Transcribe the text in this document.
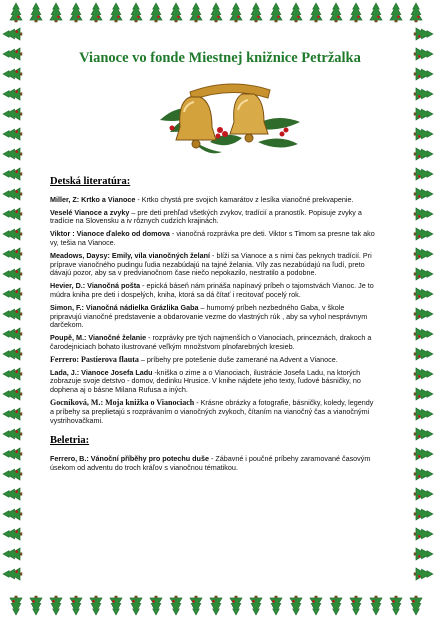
Vianoce vo fonde Miestnej knižnice Petržalka
Detská literatúra:
Miller, Z: Krtko a Vianoce - Krtko chystá pre svojich kamarátov z lesíka vianočné prekvapenie.
Veselé Vianoce a zvyky – pre deti prehľad všetkých zvykov, tradícií a pranostík. Popisuje zvyky a tradície na Slovensku a iv rôznych cudzích krajinách.
Viktor : Vianoce ďaleko od domova - vianočná rozprávka pre deti. Viktor s Timom sa presne tak ako vy, tešia na Vianoce.
Meadows, Daysy: Emily, víla vianočných želaní - blíži sa Vianoce a s nimi čas peknych tradícií. Pri príprave vianočného pudingu ľudia nezabúdajú na tajné želania. Víly zas nezabúdajú na ľudí, preto dávajú pozor, aby sa v predvianočnom čase niečo nepokazilo, nestratilo a podobne.
Hevier, D.: Vianočná pošta - epická báseň nám prináša napínavý príbeh o tajomstvách Vianoc. Je to múdra kniha pre deti i dospelých, kniha, ktorá sa dá čítať i recitovať pocelý rok.
Simon, F.: Vianočná nádielka Grázlika Gaba – humorný príbeh nezbedného Gaba, v škole pripravujú vianočné predstavenie a obdarovanie vezme do vlastných rúk , aby sa vyhol nesprávnym darčekom.
Poupě, M.: Vianočné želanie - rozprávky pre tých najmenších o Vianociach, princeznách, drakoch a čarodejniciach bohato ilustrované veľkým množstvom plnofarebných kresieb.
Ferrero: Pastierova flauta – príbehy pre potešenie duše zamerané na Advent a Vianoce.
Lada, J.: Vianoce Josefa Ladu -kniška o zime a o Vianociach, ilustrácie Josefa Ladu, na ktorých zobrazuje svoje detstvo - domov, dedinku Hrusice. V knihe nájdete jeho texty, ľudové básničky, no dophena aj o básne Milana Rufusa a iných.
Gocníková, M.: Moja knižka o Vianociach - Krásne obrázky a fotografie, básničky, koledy, legendy a príbehy sa preplietajú s rozprávaním o vianočných zvykoch, čítaním na vianočný čas a vianočnými vystrihovačkami.
Beletria:
Ferrero, B.: Vánoční příběhy pro potechu duše - Zábavné i poučné príbehy zaramované časovým úsekom od adventu do troch kráľov s vianočnou tématikou.
